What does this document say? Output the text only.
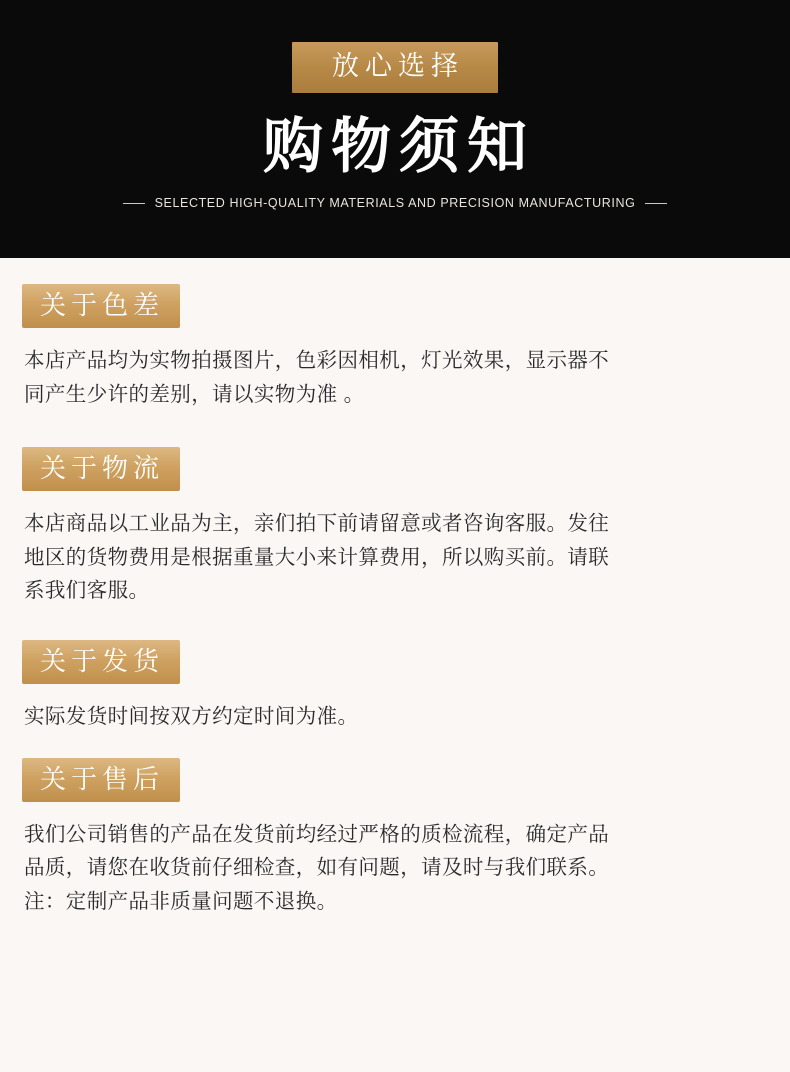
放心选择
购物须知
SELECTED HIGH-QUALITY MATERIALS AND PRECISION MANUFACTURING
关于色差
本店产品均为实物拍摄图片，色彩因相机，灯光效果，显示器不
同产生少许的差别，请以实物为准 。
关于物流
本店商品以工业品为主，亲们拍下前请留意或者咨询客服。发往
地区的货物费用是根据重量大小来计算费用，所以购买前。请联
系我们客服。
关于发货
实际发货时间按双方约定时间为准。
关于售后
我们公司销售的产品在发货前均经过严格的质检流程，确定产品
品质，请您在收货前仔细检查，如有问题，请及时与我们联系。
注：定制产品非质量问题不退换。
